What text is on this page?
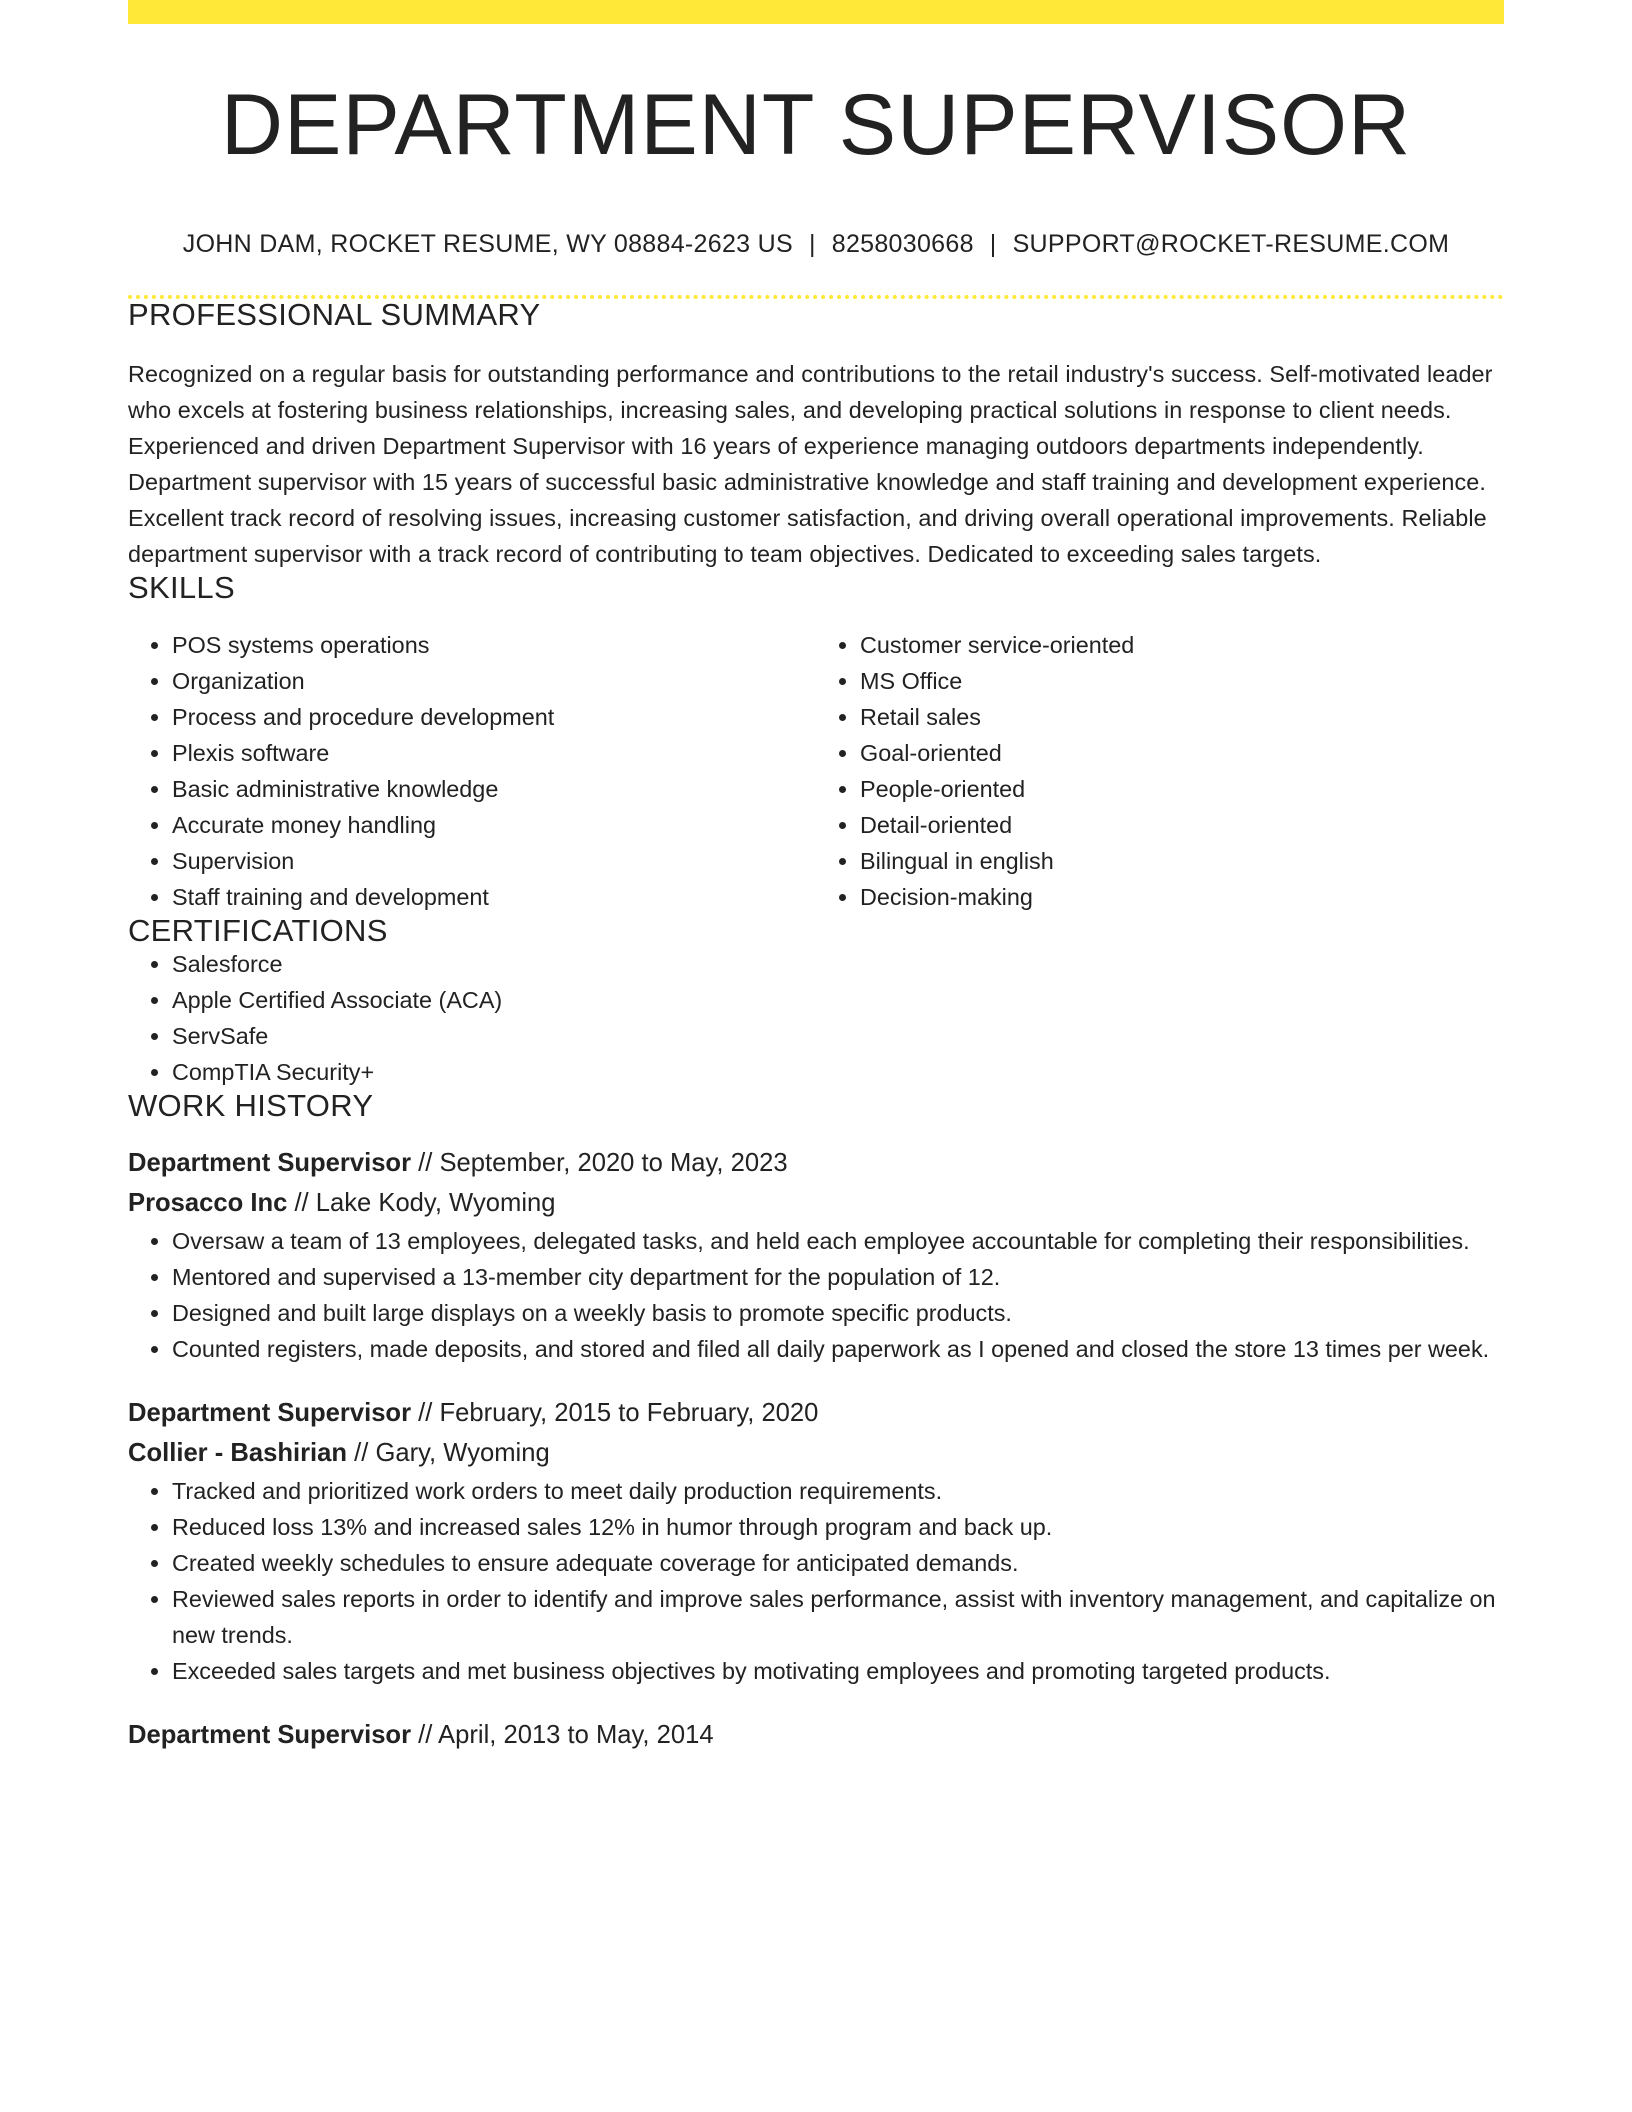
DEPARTMENT SUPERVISOR
JOHN DAM, ROCKET RESUME, WY 08884-2623 US | 8258030668 | SUPPORT@ROCKET-RESUME.COM
PROFESSIONAL SUMMARY

Recognized on a regular basis for outstanding performance and contributions to the retail industry's success. Self-motivated leader who excels at fostering business relationships, increasing sales, and developing practical solutions in response to client needs. Experienced and driven Department Supervisor with 16 years of experience managing outdoors departments independently. Department supervisor with 15 years of successful basic administrative knowledge and staff training and development experience. Excellent track record of resolving issues, increasing customer satisfaction, and driving overall operational improvements. Reliable department supervisor with a track record of contributing to team objectives. Dedicated to exceeding sales targets.

SKILLS
• POS systems operations
• Organization
• Process and procedure development
• Plexis software
• Basic administrative knowledge
• Accurate money handling
• Supervision
• Staff training and development
• Customer service-oriented
• MS Office
• Retail sales
• Goal-oriented
• People-oriented
• Detail-oriented
• Bilingual in english
• Decision-making
CERTIFICATIONS
• Salesforce
• Apple Certified Associate (ACA)
• ServSafe
• CompTIA Security+
WORK HISTORY
Department Supervisor // September, 2020 to May, 2023
Prosacco Inc // Lake Kody, Wyoming
• Oversaw a team of 13 employees, delegated tasks, and held each employee accountable for completing their responsibilities.
• Mentored and supervised a 13-member city department for the population of 12.
• Designed and built large displays on a weekly basis to promote specific products.
• Counted registers, made deposits, and stored and filed all daily paperwork as I opened and closed the store 13 times per week.
Department Supervisor // February, 2015 to February, 2020
Collier - Bashirian // Gary, Wyoming
• Tracked and prioritized work orders to meet daily production requirements.
• Reduced loss 13% and increased sales 12% in humor through program and back up.
• Created weekly schedules to ensure adequate coverage for anticipated demands.
• Reviewed sales reports in order to identify and improve sales performance, assist with inventory management, and capitalize on new trends.
• Exceeded sales targets and met business objectives by motivating employees and promoting targeted products.
Department Supervisor // April, 2013 to May, 2014
